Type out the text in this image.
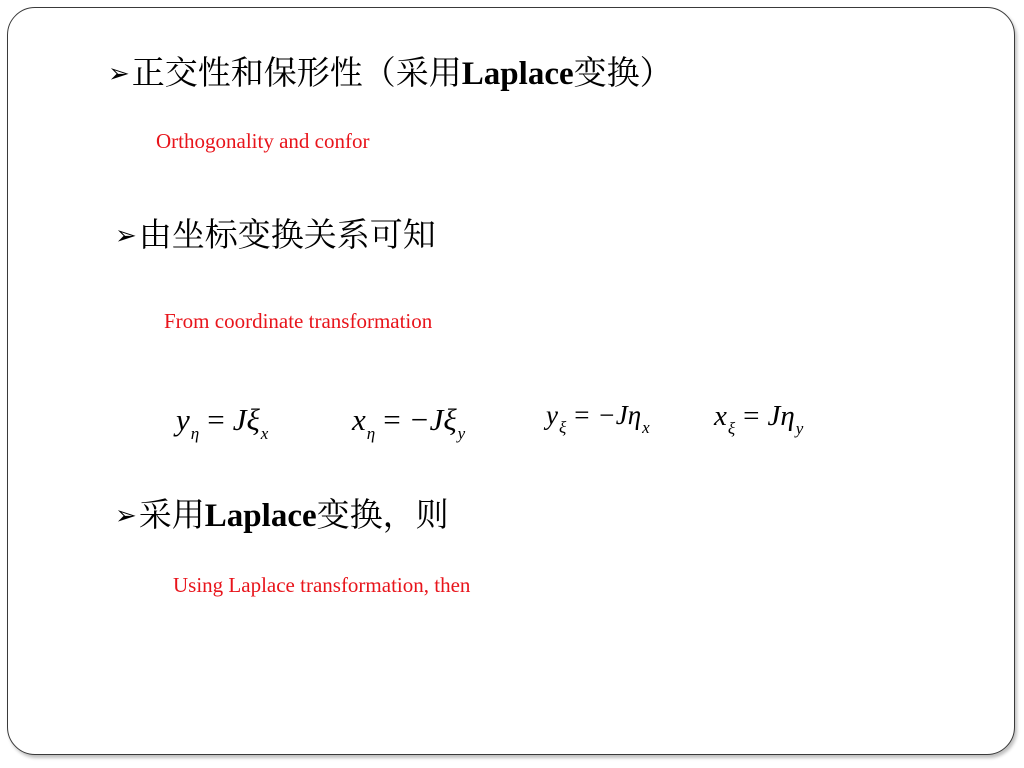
➢正交性和保形性（采用Laplace变换）
Orthogonality and confor
➢由坐标变换关系可知
From coordinate transformation
$y_\eta = J\xi_x$	$x_\eta = -J\xi_y$
$y_\xi = -J\eta_x$ $x_\xi = J\eta_y$
➢采用Laplace变换，则
Using Laplace transformation, then
